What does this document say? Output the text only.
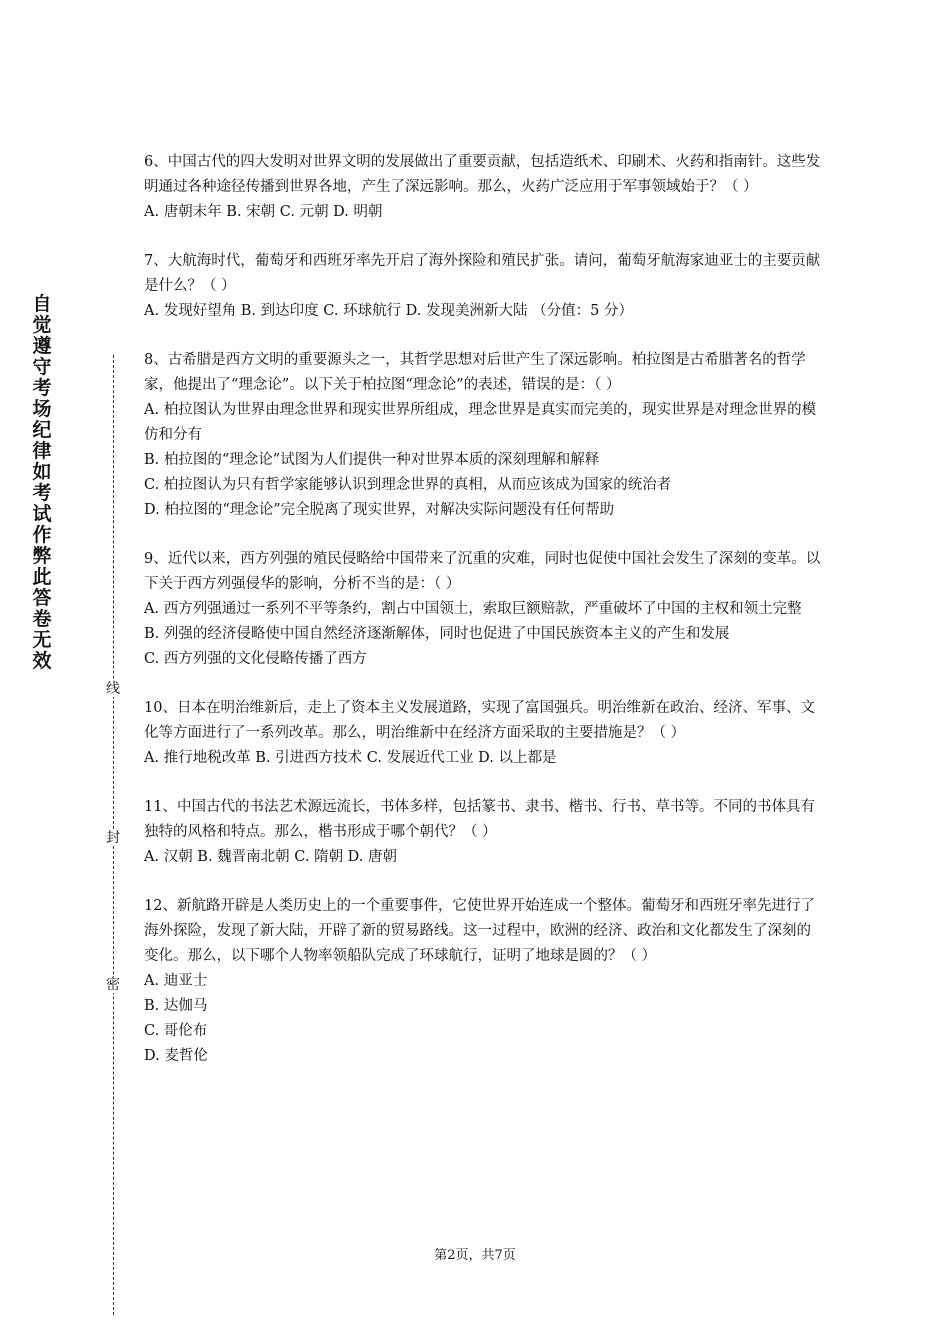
自觉遵守考场纪律如考试作弊此答卷无效
线
封
密

6、中国古代的四大发明对世界文明的发展做出了重要贡献，包括造纸术、印刷术、火药和指南针。这些发明通过各种途径传播到世界各地，产生了深远影响。那么，火药广泛应用于军事领域始于？（ ）

A. 唐朝末年 B. 宋朝 C. 元朝 D. 明朝

7、大航海时代，葡萄牙和西班牙率先开启了海外探险和殖民扩张。请问，葡萄牙航海家迪亚士的主要贡献是什么？（ ）

A. 发现好望角 B. 到达印度 C. 环球航行 D. 发现美洲新大陆 （分值：5 分）

8、古希腊是西方文明的重要源头之一，其哲学思想对后世产生了深远影响。柏拉图是古希腊著名的哲学家，他提出了“理念论”。以下关于柏拉图“理念论”的表述，错误的是：（ ）

A. 柏拉图认为世界由理念世界和现实世界所组成，理念世界是真实而完美的，现实世界是对理念世界的模仿和分有

B. 柏拉图的“理念论”试图为人们提供一种对世界本质的深刻理解和解释

C. 柏拉图认为只有哲学家能够认识到理念世界的真相，从而应该成为国家的统治者

D. 柏拉图的“理念论”完全脱离了现实世界，对解决实际问题没有任何帮助

9、近代以来，西方列强的殖民侵略给中国带来了沉重的灾难，同时也促使中国社会发生了深刻的变革。以下关于西方列强侵华的影响，分析不当的是：（ ）

A. 西方列强通过一系列不平等条约，割占中国领土，索取巨额赔款，严重破坏了中国的主权和领土完整

B. 列强的经济侵略使中国自然经济逐渐解体，同时也促进了中国民族资本主义的产生和发展

C. 西方列强的文化侵略传播了西方

10、日本在明治维新后，走上了资本主义发展道路，实现了富国强兵。明治维新在政治、经济、军事、文化等方面进行了一系列改革。那么，明治维新中在经济方面采取的主要措施是？（ ）

A. 推行地税改革 B. 引进西方技术 C. 发展近代工业 D. 以上都是

11、中国古代的书法艺术源远流长，书体多样，包括篆书、隶书、楷书、行书、草书等。不同的书体具有独特的风格和特点。那么，楷书形成于哪个朝代？（ ）

A. 汉朝 B. 魏晋南北朝 C. 隋朝 D. 唐朝

12、新航路开辟是人类历史上的一个重要事件，它使世界开始连成一个整体。葡萄牙和西班牙率先进行了海外探险，发现了新大陆，开辟了新的贸易路线。这一过程中，欧洲的经济、政治和文化都发生了深刻的变化。那么，以下哪个人物率领船队完成了环球航行，证明了地球是圆的？（ ）

A. 迪亚士

B. 达伽马

C. 哥伦布

D. 麦哲伦

第2页，共7页
